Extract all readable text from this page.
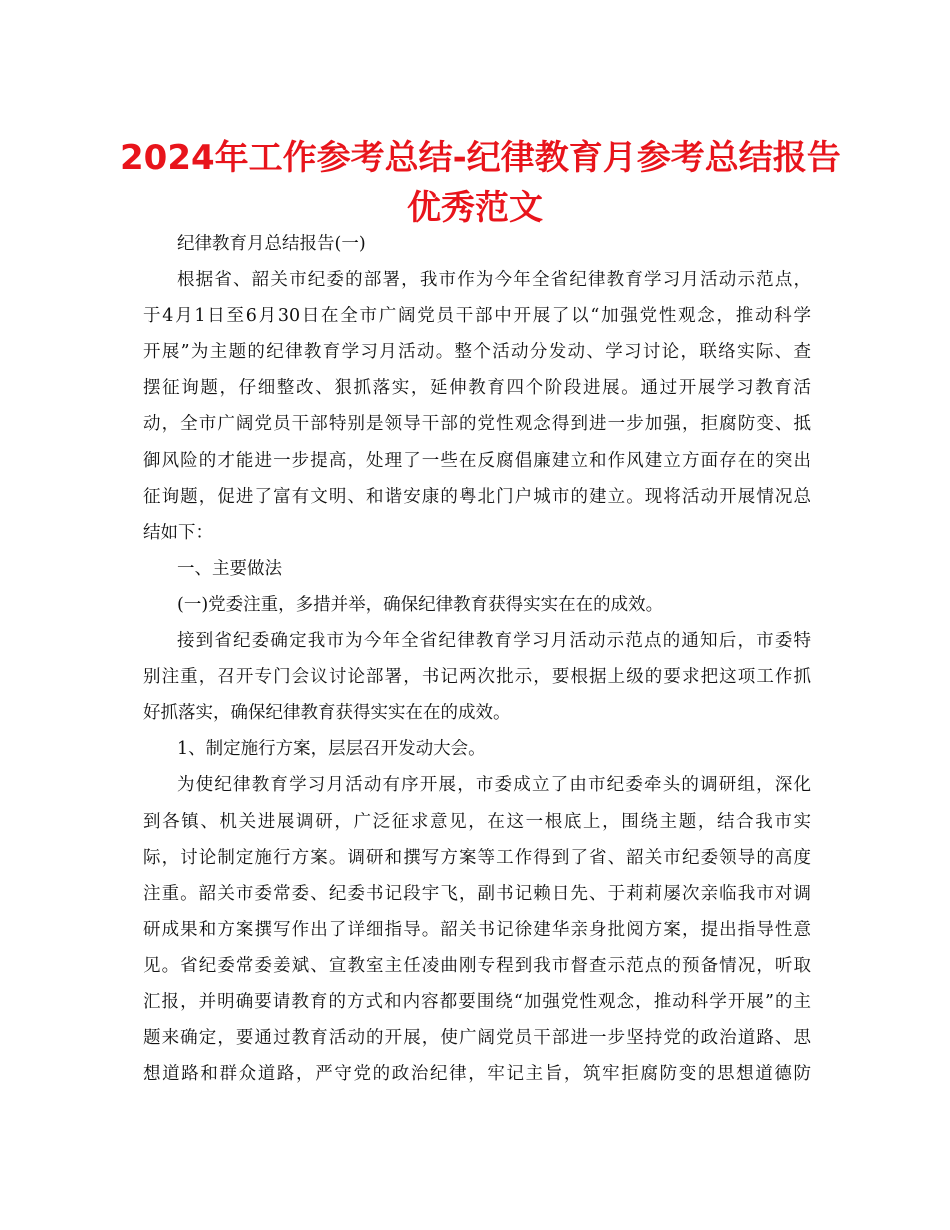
2024年工作参考总结-纪律教育月参考总结报告
优秀范文
纪律教育月总结报告(一)
根据省、韶关市纪委的部署，我市作为今年全省纪律教育学习月活动示范点，
于4月1日至6月30日在全市广阔党员干部中开展了以“加强党性观念，推动科学
开展”为主题的纪律教育学习月活动。整个活动分发动、学习讨论，联络实际、查
摆征询题，仔细整改、狠抓落实，延伸教育四个阶段进展。通过开展学习教育活
动，全市广阔党员干部特别是领导干部的党性观念得到进一步加强，拒腐防变、抵
御风险的才能进一步提高，处理了一些在反腐倡廉建立和作风建立方面存在的突出
征询题，促进了富有文明、和谐安康的粤北门户城市的建立。现将活动开展情况总
结如下：
一、主要做法
(一)党委注重，多措并举，确保纪律教育获得实实在在的成效。
接到省纪委确定我市为今年全省纪律教育学习月活动示范点的通知后，市委特
别注重，召开专门会议讨论部署，书记两次批示，要根据上级的要求把这项工作抓
好抓落实，确保纪律教育获得实实在在的成效。
1、制定施行方案，层层召开发动大会。
为使纪律教育学习月活动有序开展，市委成立了由市纪委牵头的调研组，深化
到各镇、机关进展调研，广泛征求意见，在这一根底上，围绕主题，结合我市实
际，讨论制定施行方案。调研和撰写方案等工作得到了省、韶关市纪委领导的高度
注重。韶关市委常委、纪委书记段宇飞，副书记赖日先、于莉莉屡次亲临我市对调
研成果和方案撰写作出了详细指导。韶关书记徐建华亲身批阅方案，提出指导性意
见。省纪委常委姜斌、宣教室主任凌曲刚专程到我市督查示范点的预备情况，听取
汇报，并明确要请教育的方式和内容都要围绕“加强党性观念，推动科学开展”的主
题来确定，要通过教育活动的开展，使广阔党员干部进一步坚持党的政治道路、思
想道路和群众道路，严守党的政治纪律，牢记主旨，筑牢拒腐防变的思想道德防
